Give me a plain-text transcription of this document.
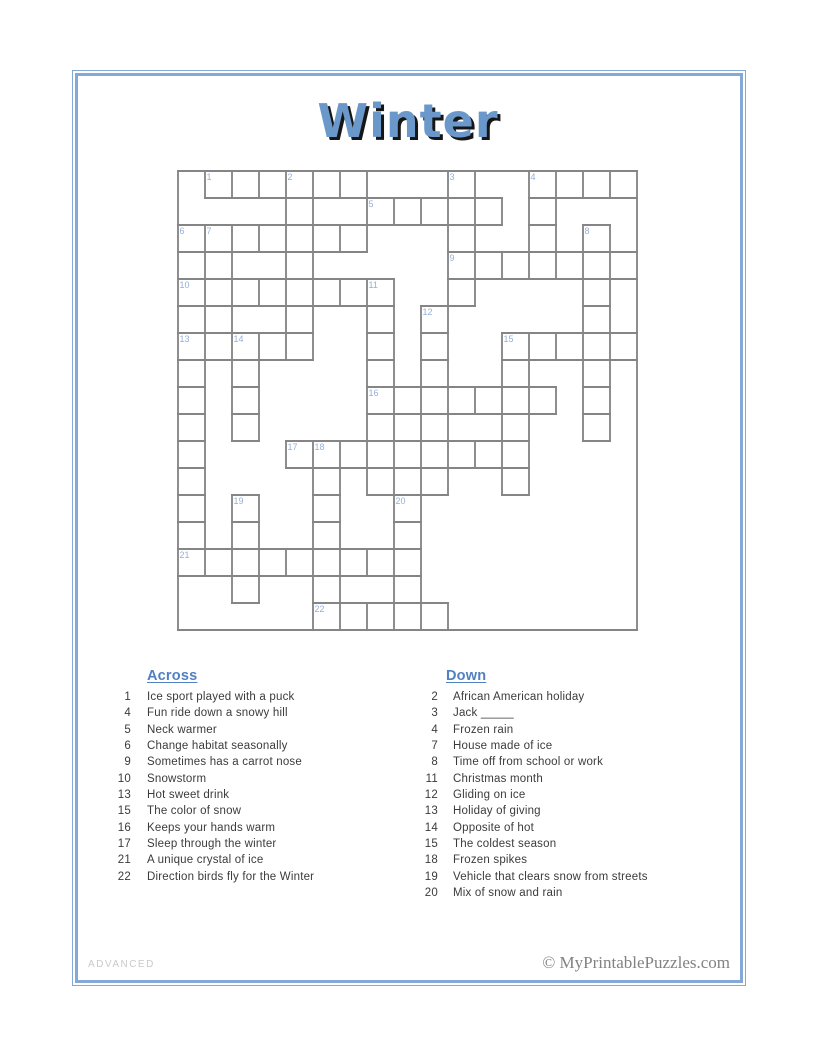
Winter
1	2	3	4
5
6 7	8
9
10	11
12
13	14	15
16
17 18
19	20
21
22
Across
1 Ice sport played with a puck
4 Fun ride down a snowy hill
5 Neck warmer
6 Change habitat seasonally
9 Sometimes has a carrot nose
10 Snowstorm
13 Hot sweet drink
15 The color of snow
16 Keeps your hands warm
17 Sleep through the winter
21 A unique crystal of ice
22 Direction birds fly for the Winter
Down
2 African American holiday
3 Jack _____
4 Frozen rain
7 House made of ice
8 Time off from school or work
11 Christmas month
12 Gliding on ice
13 Holiday of giving
14 Opposite of hot
15 The coldest season
18 Frozen spikes
19 Vehicle that clears snow from streets
20 Mix of snow and rain
ADVANCED	© MyPrintablePuzzles.com
